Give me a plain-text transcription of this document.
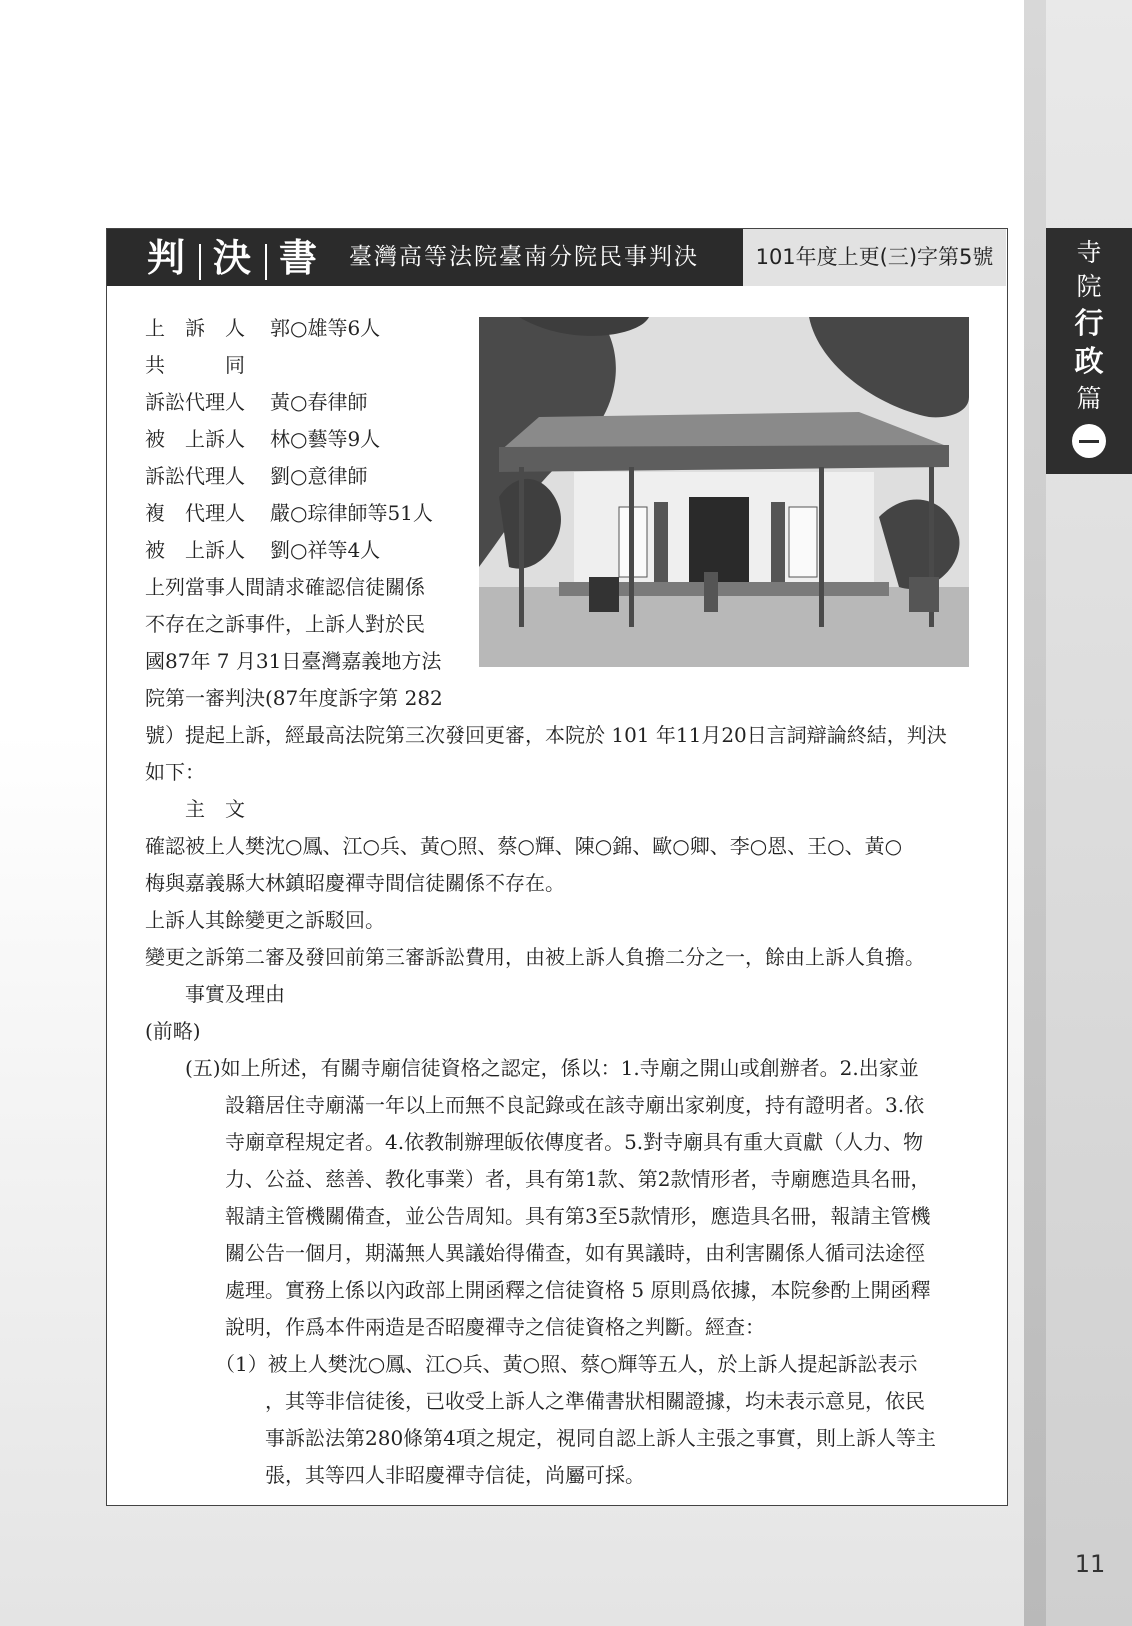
寺
院
行
政
篇
11
判 決 書 臺灣高等法院臺南分院民事判決	101年度上更(三)字第5號
上　訴　人 郭○雄等6人
共　　　同
訴訟代理人 黃○春律師
被　上訴人 林○藝等9人
訴訟代理人 劉○意律師
複　代理人 嚴○琮律師等51人
被　上訴人 劉○祥等4人
上列當事人間請求確認信徒關係
不存在之訴事件，上訴人對於民
國87年 7 月31日臺灣嘉義地方法
院第一審判決(87年度訴字第 282
號）提起上訴，經最高法院第三次發回更審，本院於 101 年11月20日言詞辯論終結，判決
如下：
主　文
確認被上人樊沈○鳳、江○兵、黃○照、蔡○輝、陳○錦、歐○卿、李○恩、王○、黃○
梅與嘉義縣大林鎮昭慶禪寺間信徒關係不存在。
上訴人其餘變更之訴駁回。
變更之訴第二審及發回前第三審訴訟費用，由被上訴人負擔二分之一，餘由上訴人負擔。
事實及理由
(前略)
(五)如上所述，有關寺廟信徒資格之認定，係以：1.寺廟之開山或創辦者。2.出家並
設籍居住寺廟滿一年以上而無不良記錄或在該寺廟出家剃度，持有證明者。3.依
寺廟章程規定者。4.依教制辦理皈依傳度者。5.對寺廟具有重大貢獻（人力、物
力、公益、慈善、教化事業）者，具有第1款、第2款情形者，寺廟應造具名冊，
報請主管機關備查，並公告周知。具有第3至5款情形，應造具名冊，報請主管機
關公告一個月，期滿無人異議始得備查，如有異議時，由利害關係人循司法途徑
處理。實務上係以內政部上開函釋之信徒資格 5 原則爲依據，本院參酌上開函釋
說明，作爲本件兩造是否昭慶禪寺之信徒資格之判斷。經查：
（1）被上人樊沈○鳳、江○兵、黃○照、蔡○輝等五人，於上訴人提起訴訟表示
，其等非信徒後，已收受上訴人之準備書狀相關證據，均未表示意見，依民
事訴訟法第280條第4項之規定，視同自認上訴人主張之事實，則上訴人等主
張，其等四人非昭慶禪寺信徒，尚屬可採。
